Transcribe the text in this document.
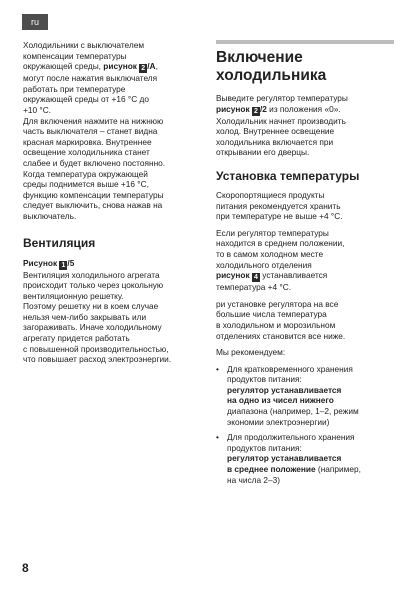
ru

Холодильники с выключателем
компенсации температуры
окружающей среды, рисунок 2 /A,
могут после нажатия выключателя
работать при температуре
окружающей среды от +16 °С до
+10 °С.
Для включения нажмите на нижнюю
часть выключателя – станет видна
красная маркировка. Внутреннее
освещение холодильника станет
слабее и будет включено постоянно.
Когда температура окружающей
среды поднимется выше +16 °С,
функцию компенсации температуры
следует выключить, снова нажав на
выключатель.

Вентиляция

Рисунок 1 /5

Вентиляция холодильного агрегата
происходит только через цокольную
вентиляционную решетку.
Поэтому решетку ни в коем случае
нельзя чем-либо закрывать или
загораживать. Иначе холодильному
агрегату придется работать
с повышенной производительностью,
что повышает расход электроэнергии.

Включение
холодильника

Выведите регулятор температуры
рисунок 2 /2 из положения «0».
Холодильник начнет производить
холод. Внутреннее освещение
холодильника включается при
открывании его дверцы.

Установка температуры

Скоропортящиеся продукты
питания рекомендуется хранить
при температуре не выше +4 °С.

Если регулятор температуры
находится в среднем положении,
то в самом холодном месте
холодильного отделения
рисунок 4 устанавливается
температура +4 °С.

ри установке регулятора на все
большие числа температура
в холодильном и морозильном
отделениях становится все ниже.

Мы рекомендуем:

• Для кратковременного хранения
продуктов питания:
регулятор устанавливается
на одно из чисел нижнего
диапазона (например, 1–2, режим
экономии электроэнергии)
• Для продолжительного хранения
продуктов питания:
регулятор устанавливается
в среднее положение (например,
на числа 2–3)
8
